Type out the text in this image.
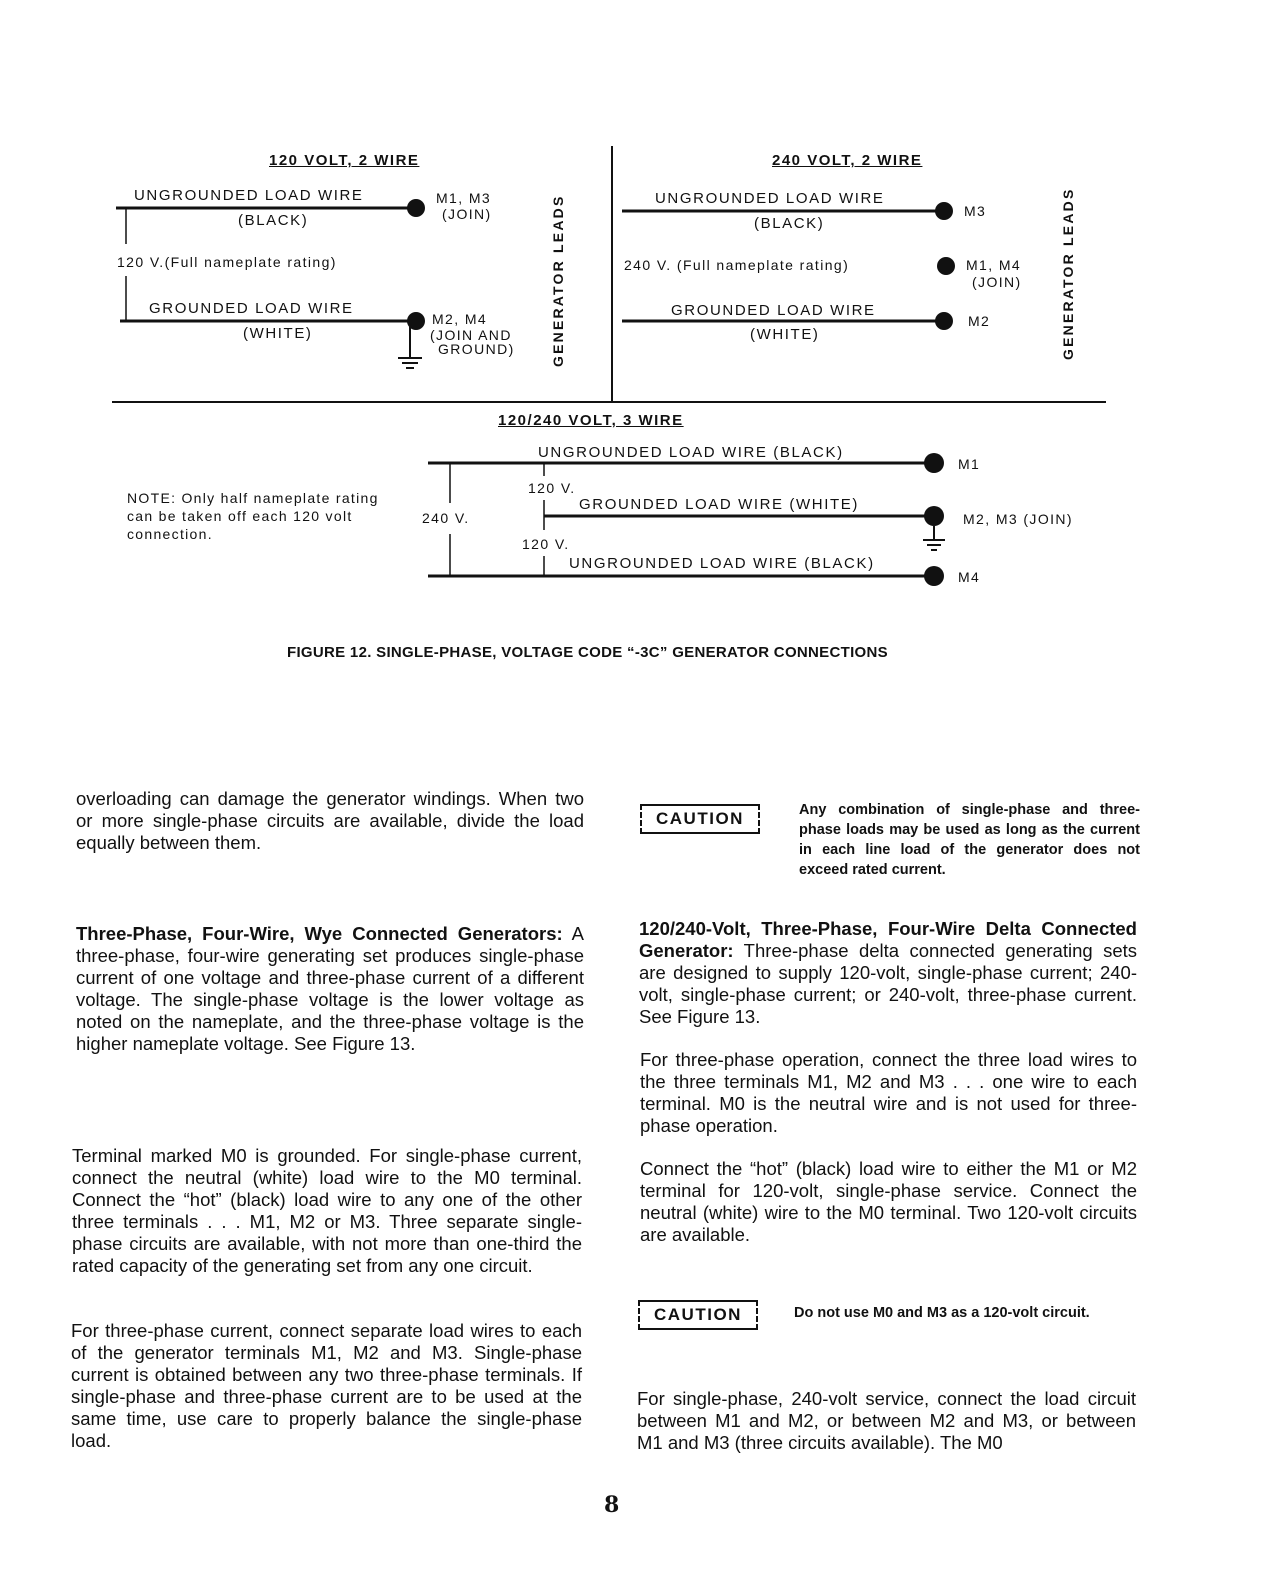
120 VOLT, 2 WIRE
UNGROUNDED LOAD WIRE
(BLACK)
M1, M3
(JOIN)
120 V.(Full nameplate rating)
GROUNDED LOAD WIRE
(WHITE)
M2, M4
(JOIN AND
GROUND)	GENERATOR LEADS
240 VOLT, 2 WIRE
UNGROUNDED LOAD WIRE
(BLACK)
M3
240 V. (Full nameplate rating)	M1, M4
(JOIN)
GROUNDED LOAD WIRE
(WHITE)
M2	GENERATOR LEADS
120/240 VOLT, 3 WIRE
UNGROUNDED LOAD WIRE (BLACK)
120 V.
GROUNDED LOAD WIRE (WHITE)
240 V.
120 V.
UNGROUNDED LOAD WIRE (BLACK)
M1
M2, M3 (JOIN)
M4
NOTE: Only half nameplate rating can be taken off each 120 volt connection.
FIGURE 12. SINGLE-PHASE, VOLTAGE CODE “-3C” GENERATOR CONNECTIONS
overloading can damage the generator windings. When two or more single-phase circuits are available, divide the load equally between them.
Three-Phase, Four-Wire, Wye Connected Generators: A three-phase, four-wire generating set produces single-phase current of one voltage and three-phase current of a different voltage. The single-phase voltage is the lower voltage as noted on the nameplate, and the three-phase voltage is the higher nameplate voltage. See Figure 13.
Terminal marked M0 is grounded. For single-phase current, connect the neutral (white) load wire to the M0 terminal. Connect the “hot” (black) load wire to any one of the other three terminals . . . M1, M2 or M3. Three separate single-phase circuits are available, with not more than one-third the rated capacity of the generating set from any one circuit.
For three-phase current, connect separate load wires to each of the generator terminals M1, M2 and M3. Single-phase current is obtained between any two three-phase terminals. If single-phase and three-phase current are to be used at the same time, use care to properly balance the single-phase load.
CAUTION	Any combination of single-phase and three-phase loads may be used as long as the current in each line load of the generator does not exceed rated current.
120/240-Volt, Three-Phase, Four-Wire Delta Connected Generator: Three-phase delta connected generating sets are designed to supply 120-volt, single-phase current; 240-volt, single-phase current; or 240-volt, three-phase current. See Figure 13.
For three-phase operation, connect the three load wires to the three terminals M1, M2 and M3 . . . one wire to each terminal. M0 is the neutral wire and is not used for three-phase operation.
Connect the “hot” (black) load wire to either the M1 or M2 terminal for 120-volt, single-phase service. Connect the neutral (white) wire to the M0 terminal. Two 120-volt circuits are available.
CAUTION	Do not use M0 and M3 as a 120-volt circuit.
For single-phase, 240-volt service, connect the load circuit between M1 and M2, or between M2 and M3, or between M1 and M3 (three circuits available). The M0
8
